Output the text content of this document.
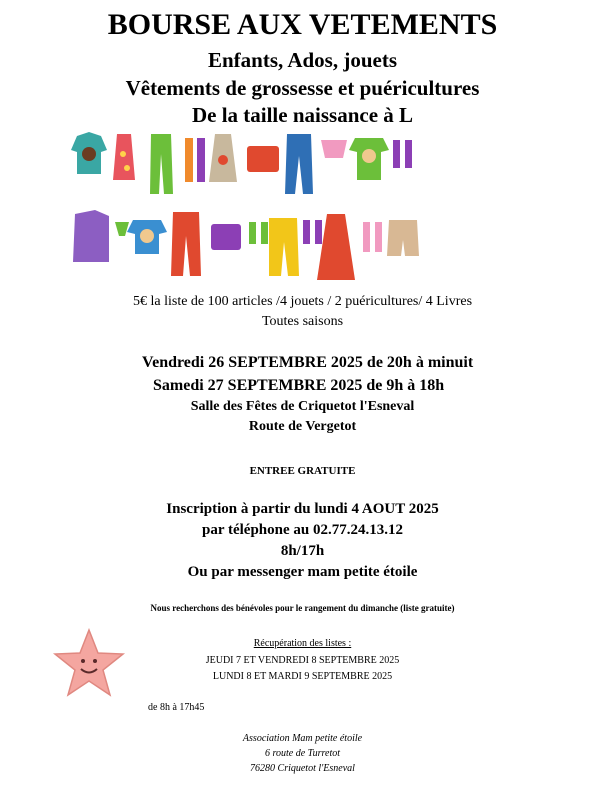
BOURSE AUX VETEMENTS
Enfants, Ados, jouets
Vêtements de grossesse et puéricultures
De la taille naissance à L
5€ la liste de 100 articles /4 jouets / 2 puéricultures/ 4 Livres
Toutes saisons
Vendredi 26 SEPTEMBRE 2025 de 20h à minuit
Samedi 27 SEPTEMBRE 2025 de 9h à 18h
Salle des Fêtes de Criquetot l'Esneval
Route de Vergetot
ENTREE GRATUITE
Inscription à partir du lundi 4 AOUT 2025
par téléphone au 02.77.24.13.12
8h/17h
Ou par messenger mam petite étoile
Nous recherchons des bénévoles pour le rangement du dimanche (liste gratuite)
Récupération des listes :
JEUDI 7 ET VENDREDI 8 SEPTEMBRE 2025
LUNDI 8 ET MARDI 9 SEPTEMBRE 2025
de 8h à 17h45
Association Mam petite étoile
6 route de Turretot
76280 Criquetot l'Esneval
